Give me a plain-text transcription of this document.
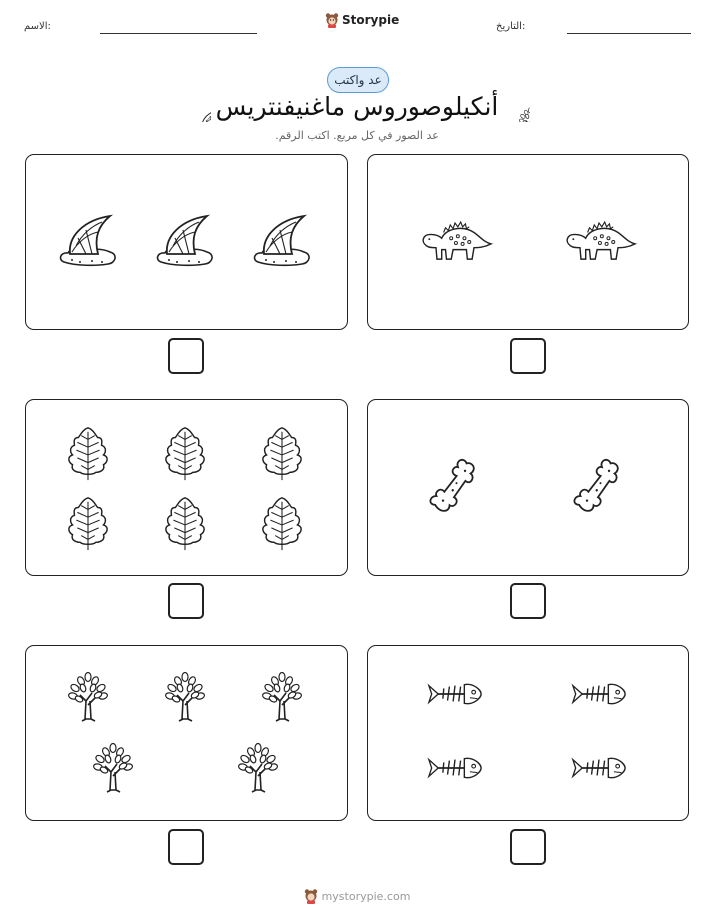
الاسم:	Storypie	التاريخ:
عد واكتب
أنكيلوصوروس ماغنيفنتريس
عد الصور في كل مربع. اكتب الرقم.
mystorypie.com
